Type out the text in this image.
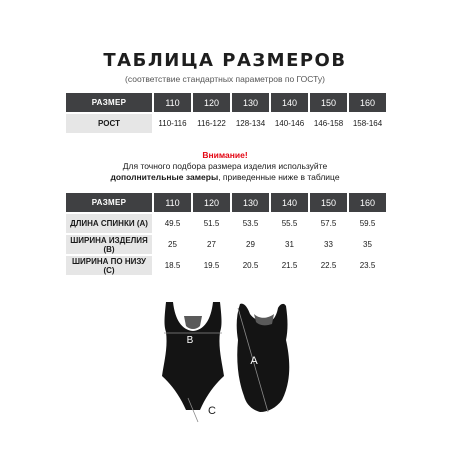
ТАБЛИЦА РАЗМЕРОВ
(соответствие стандартных параметров по ГОСТу)
РАЗМЕР	110	120	130	140	150	160
РОСТ	110-116	116-122	128-134	140-146	146-158	158-164
Внимание!
Для точного подбора размера изделия используйте
дополнительные замеры, приведенные ниже в таблице
РАЗМЕР	110	120	130	140	150	160
ДЛИНА СПИНКИ (А)	49.5	51.5	53.5	55.5	57.5	59.5
ШИРИНА ИЗДЕЛИЯ (В)	25	27	29	31	33	35
ШИРИНА ПО НИЗУ (С)	18.5	19.5	20.5	21.5	22.5	23.5
B
C
A
